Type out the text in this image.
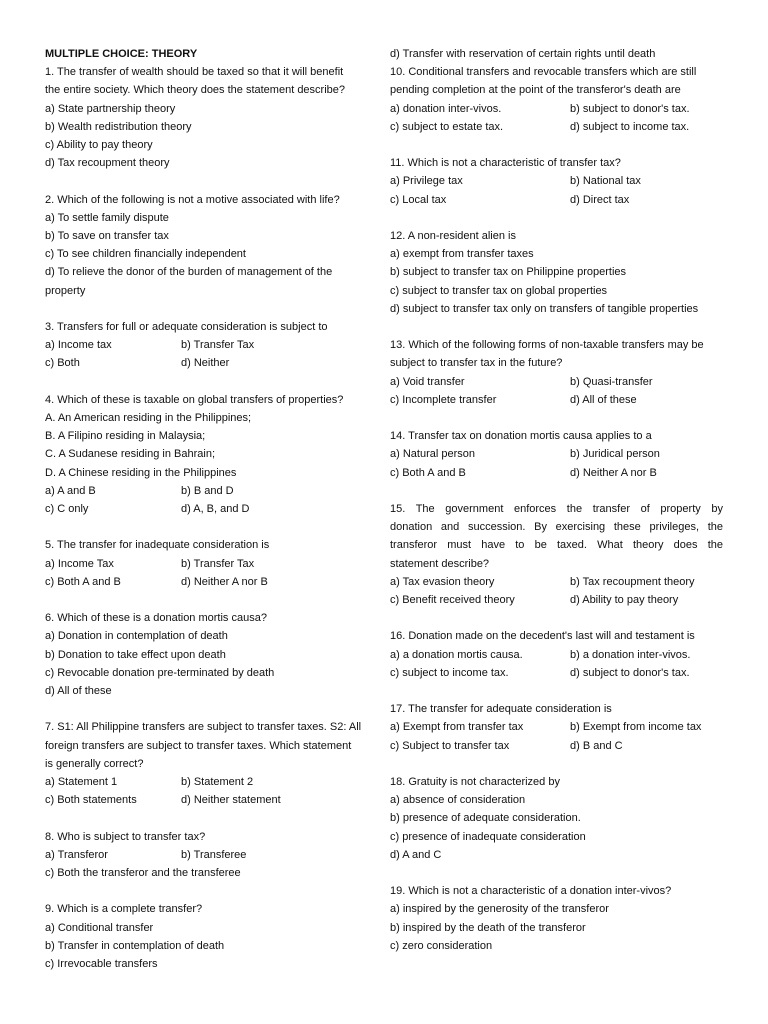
MULTIPLE CHOICE: THEORY
1. The transfer of wealth should be taxed so that it will benefit
the entire society. Which theory does the statement describe?
a) State partnership theory
b) Wealth redistribution theory
c) Ability to pay theory
d) Tax recoupment theory
2. Which of the following is not a motive associated with life?
a) To settle family dispute
b) To save on transfer tax
c) To see children financially independent
d) To relieve the donor of the burden of management of the
property
3. Transfers for full or adequate consideration is subject to
a) Income tax	b) Transfer Tax
c) Both	d) Neither
4. Which of these is taxable on global transfers of properties?
A. An American residing in the Philippines;
B. A Filipino residing in Malaysia;
C. A Sudanese residing in Bahrain;
D. A Chinese residing in the Philippines
a) A and B	b) B and D
c) C only	d) A, B, and D
5. The transfer for inadequate consideration is
a) Income Tax	b) Transfer Tax
c) Both A and B	d) Neither A nor B
6. Which of these is a donation mortis causa?
a) Donation in contemplation of death
b) Donation to take effect upon death
c) Revocable donation pre-terminated by death
d) All of these
7. S1: All Philippine transfers are subject to transfer taxes. S2: All
foreign transfers are subject to transfer taxes. Which statement
is generally correct?
a) Statement 1	b) Statement 2
c) Both statements	d) Neither statement
8. Who is subject to transfer tax?
a) Transferor	b) Transferee
c) Both the transferor and the transferee
9. Which is a complete transfer?
a) Conditional transfer
b) Transfer in contemplation of death
c) Irrevocable transfers
d) Transfer with reservation of certain rights until death
10. Conditional transfers and revocable transfers which are still
pending completion at the point of the transferor's death are
a) donation inter-vivos.	b) subject to donor's tax.
c) subject to estate tax.	d) subject to income tax.
11. Which is not a characteristic of transfer tax?
a) Privilege tax	b) National tax
c) Local tax	d) Direct tax
12. A non-resident alien is
a) exempt from transfer taxes
b) subject to transfer tax on Philippine properties
c) subject to transfer tax on global properties
d) subject to transfer tax only on transfers of tangible properties
13. Which of the following forms of non-taxable transfers may be
subject to transfer tax in the future?
a) Void transfer	b) Quasi-transfer
c) Incomplete transfer	d) All of these
14. Transfer tax on donation mortis causa applies to a
a) Natural person	b) Juridical person
c) Both A and B	d) Neither A nor B
15. The government enforces the transfer of property by
donation and succession. By exercising these privileges, the
transferor must have to be taxed. What theory does the
statement describe?
a) Tax evasion theory	b) Tax recoupment theory
c) Benefit received theory	d) Ability to pay theory
16. Donation made on the decedent's last will and testament is
a) a donation mortis causa.	b) a donation inter-vivos.
c) subject to income tax.	d) subject to donor's tax.
17. The transfer for adequate consideration is
a) Exempt from transfer tax	b) Exempt from income tax
c) Subject to transfer tax	d) B and C
18. Gratuity is not characterized by
a) absence of consideration
b) presence of adequate consideration.
c) presence of inadequate consideration
d) A and C
19. Which is not a characteristic of a donation inter-vivos?
a) inspired by the generosity of the transferor
b) inspired by the death of the transferor
c) zero consideration
